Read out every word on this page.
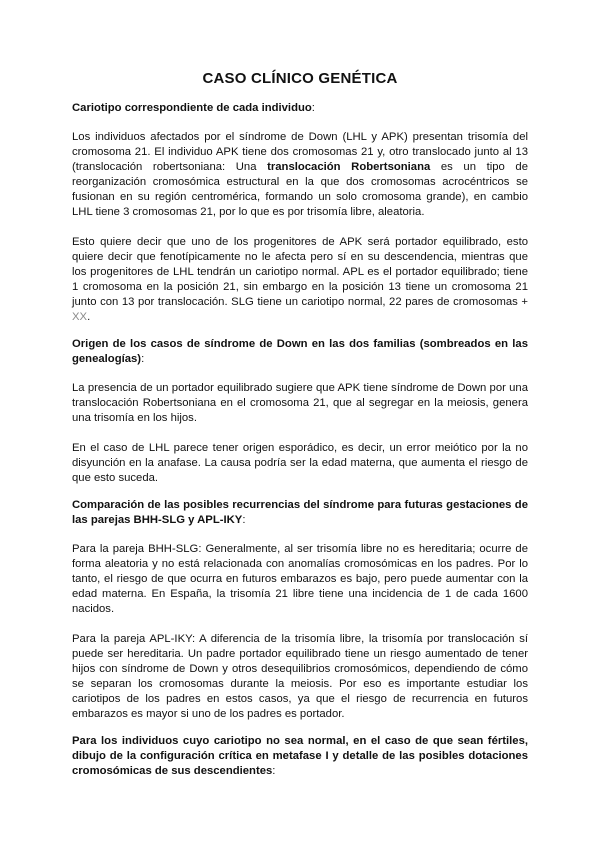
CASO CLÍNICO GENÉTICA
Cariotipo correspondiente de cada individuo:

Los individuos afectados por el síndrome de Down (LHL y APK) presentan trisomía del cromosoma 21. El individuo APK tiene dos cromosomas 21 y, otro translocado junto al 13 (translocación robertsoniana: Una translocación Robertsoniana es un tipo de reorganización cromosómica estructural en la que dos cromosomas acrocéntricos se fusionan en su región centromérica, formando un solo cromosoma grande), en cambio LHL tiene 3 cromosomas 21, por lo que es por trisomía libre, aleatoria.

Esto quiere decir que uno de los progenitores de APK será portador equilibrado, esto quiere decir que fenotípicamente no le afecta pero sí en su descendencia, mientras que los progenitores de LHL tendrán un cariotipo normal. APL es el portador equilibrado; tiene 1 cromosoma en la posición 21, sin embargo en la posición 13 tiene un cromosoma 21 junto con 13 por translocación. SLG tiene un cariotipo normal, 22 pares de cromosomas + XX.

Origen de los casos de síndrome de Down en las dos familias (sombreados en las genealogías):

La presencia de un portador equilibrado sugiere que APK tiene síndrome de Down por una translocación Robertsoniana en el cromosoma 21, que al segregar en la meiosis, genera una trisomía en los hijos.

En el caso de LHL parece tener origen esporádico, es decir, un error meiótico por la no disyunción en la anafase. La causa podría ser la edad materna, que aumenta el riesgo de que esto suceda.

Comparación de las posibles recurrencias del síndrome para futuras gestaciones de las parejas BHH-SLG y APL-IKY:

Para la pareja BHH-SLG: Generalmente, al ser trisomía libre no es hereditaria; ocurre de forma aleatoria y no está relacionada con anomalías cromosómicas en los padres. Por lo tanto, el riesgo de que ocurra en futuros embarazos es bajo, pero puede aumentar con la edad materna. En España, la trisomía 21 libre tiene una incidencia de 1 de cada 1600 nacidos.

Para la pareja APL-IKY: A diferencia de la trisomía libre, la trisomía por translocación sí puede ser hereditaria. Un padre portador equilibrado tiene un riesgo aumentado de tener hijos con síndrome de Down y otros desequilibrios cromosómicos, dependiendo de cómo se separan los cromosomas durante la meiosis. Por eso es importante estudiar los cariotipos de los padres en estos casos, ya que el riesgo de recurrencia en futuros embarazos es mayor si uno de los padres es portador.

Para los individuos cuyo cariotipo no sea normal, en el caso de que sean fértiles, dibujo de la configuración crítica en metafase I y detalle de las posibles dotaciones cromosómicas de sus descendientes:
